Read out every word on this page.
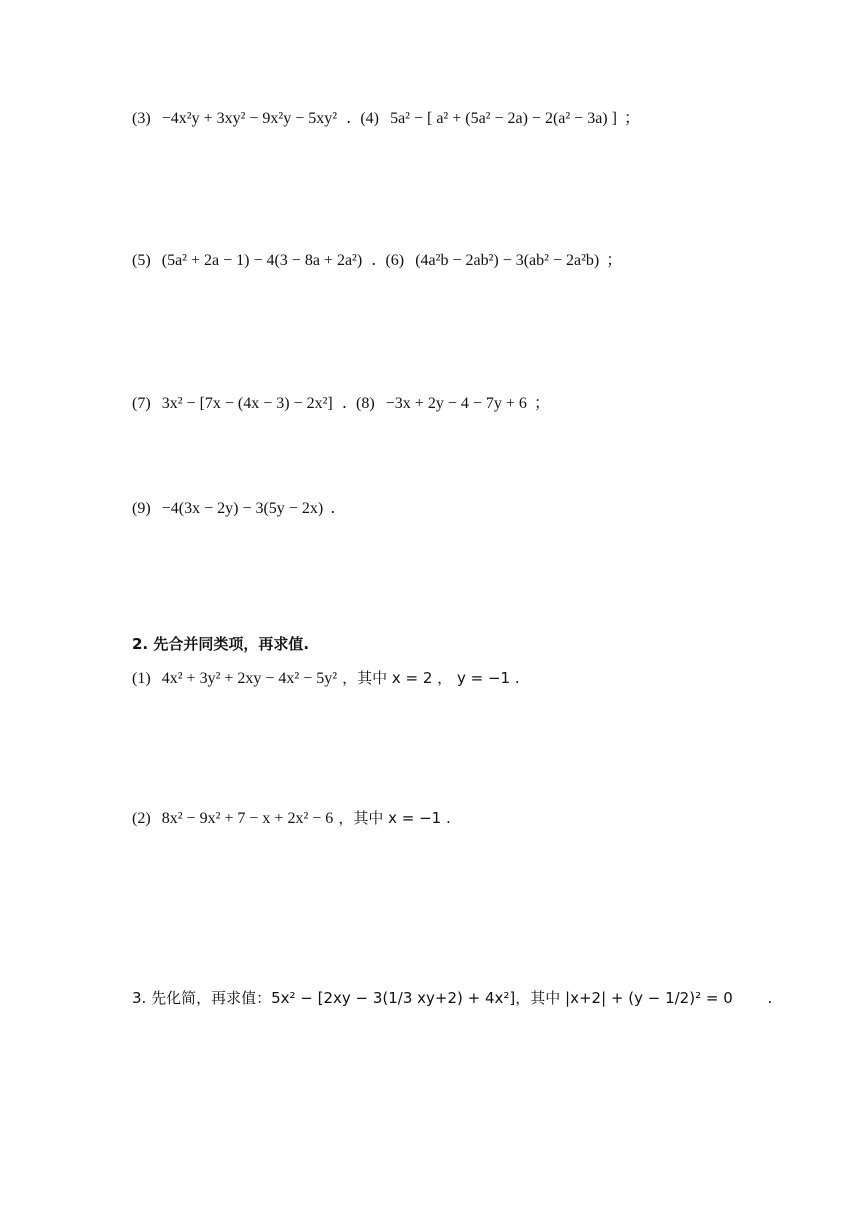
(3) −4x²y + 3xy² − 9x²y − 5xy² . (4) 5a² − [ a² + (5a² − 2a) − 2(a² − 3a) ] ；
(5) (5a² + 2a − 1) − 4(3 − 8a + 2a²) . (6) (4a²b − 2ab²) − 3(ab² − 2a²b) ；
(7) 3x² − [7x − (4x − 3) − 2x²] . (8) −3x + 2y − 4 − 7y + 6 ；
(9) −4(3x − 2y) − 3(5y − 2x) .
2. 先合并同类项，再求值.
(1) 4x² + 3y² + 2xy − 4x² − 5y² ，其中 x = 2 ， y = −1 .
(2) 8x² − 9x² + 7 − x + 2x² − 6 ，其中 x = −1 .
3. 先化简，再求值：5x² − [2xy − 3(1/3 xy+2) + 4x²]，其中 |x+2| + (y − 1/2)² = 0 .
